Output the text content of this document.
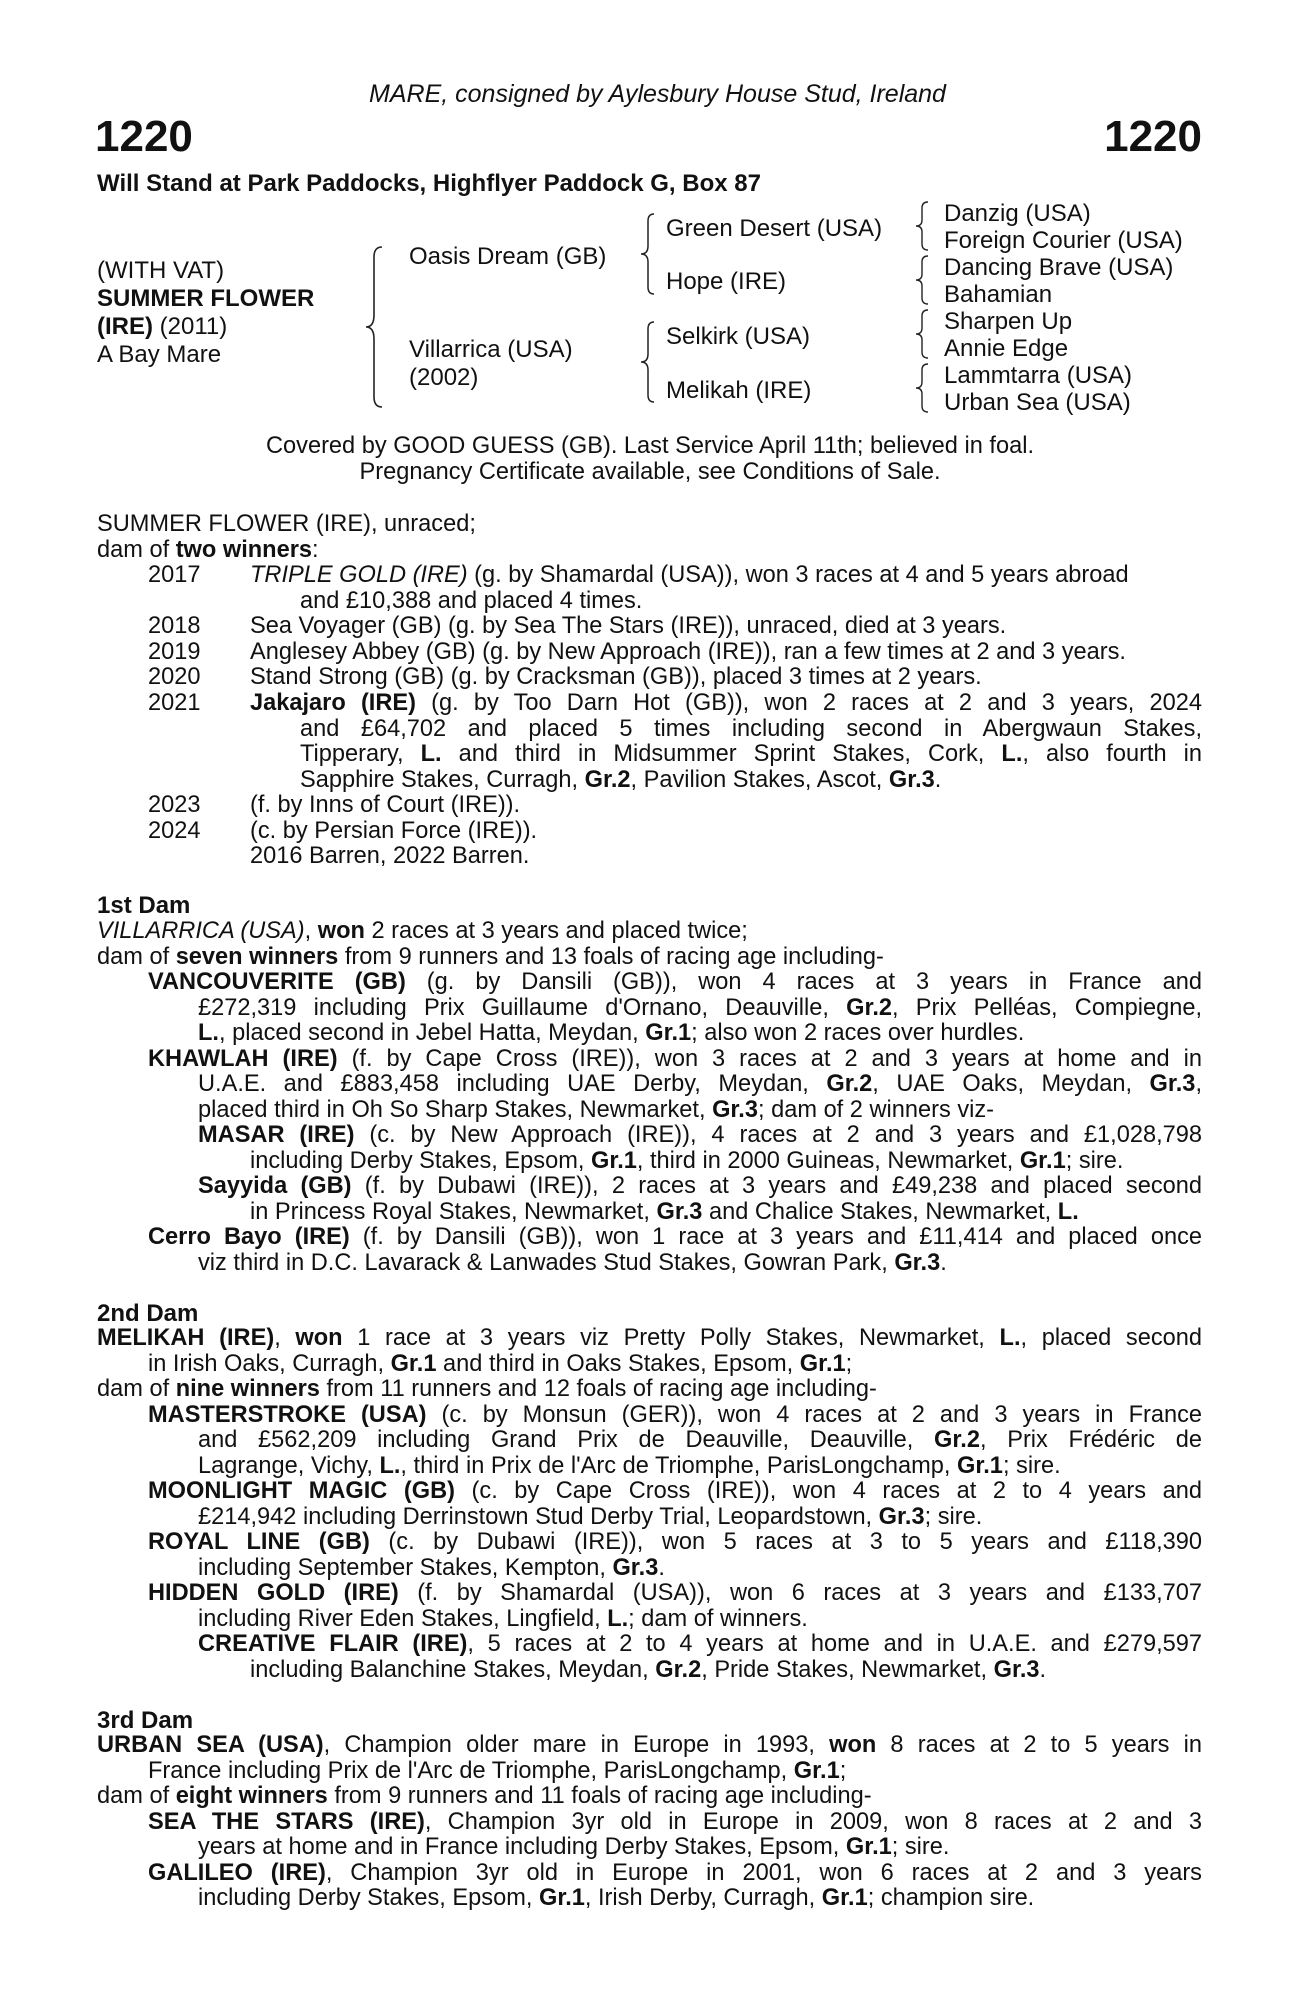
MARE, consigned by Aylesbury House Stud, Ireland
1220	1220
Will Stand at Park Paddocks, Highflyer Paddock G, Box 87
(WITH VAT)
SUMMER FLOWER
(IRE) (2011)
A Bay Mare
Oasis Dream (GB)
Villarrica (USA)
(2002)
Green Desert (USA)
Hope (IRE)
Selkirk (USA)
Melikah (IRE)
Danzig (USA)
Foreign Courier (USA)
Dancing Brave (USA)
Bahamian
Sharpen Up
Annie Edge
Lammtarra (USA)
Urban Sea (USA)
Covered by GOOD GUESS (GB). Last Service April 11th; believed in foal.
Pregnancy Certificate available, see Conditions of Sale.
SUMMER FLOWER (IRE), unraced;
dam of two winners:
2017 TRIPLE GOLD (IRE) (g. by Shamardal (USA)), won 3 races at 4 and 5 years abroad
and £10,388 and placed 4 times.
2018 Sea Voyager (GB) (g. by Sea The Stars (IRE)), unraced, died at 3 years.
2019 Anglesey Abbey (GB) (g. by New Approach (IRE)), ran a few times at 2 and 3 years.
2020 Stand Strong (GB) (g. by Cracksman (GB)), placed 3 times at 2 years.
2021 Jakajaro (IRE) (g. by Too Darn Hot (GB)), won 2 races at 2 and 3 years, 2024
and £64,702 and placed 5 times including second in Abergwaun Stakes,
Tipperary, L. and third in Midsummer Sprint Stakes, Cork, L., also fourth in
Sapphire Stakes, Curragh, Gr.2, Pavilion Stakes, Ascot, Gr.3.
2023 (f. by Inns of Court (IRE)).
2024 (c. by Persian Force (IRE)).
2016 Barren, 2022 Barren.
1st Dam
VILLARRICA (USA), won 2 races at 3 years and placed twice;
dam of seven winners from 9 runners and 13 foals of racing age including-
VANCOUVERITE (GB) (g. by Dansili (GB)), won 4 races at 3 years in France and
£272,319 including Prix Guillaume d'Ornano, Deauville, Gr.2, Prix Pelléas, Compiegne,
L., placed second in Jebel Hatta, Meydan, Gr.1; also won 2 races over hurdles.
KHAWLAH (IRE) (f. by Cape Cross (IRE)), won 3 races at 2 and 3 years at home and in
U.A.E. and £883,458 including UAE Derby, Meydan, Gr.2, UAE Oaks, Meydan, Gr.3,
placed third in Oh So Sharp Stakes, Newmarket, Gr.3; dam of 2 winners viz-
MASAR (IRE) (c. by New Approach (IRE)), 4 races at 2 and 3 years and £1,028,798
including Derby Stakes, Epsom, Gr.1, third in 2000 Guineas, Newmarket, Gr.1; sire.
Sayyida (GB) (f. by Dubawi (IRE)), 2 races at 3 years and £49,238 and placed second
in Princess Royal Stakes, Newmarket, Gr.3 and Chalice Stakes, Newmarket, L.
Cerro Bayo (IRE) (f. by Dansili (GB)), won 1 race at 3 years and £11,414 and placed once
viz third in D.C. Lavarack & Lanwades Stud Stakes, Gowran Park, Gr.3.
2nd Dam
MELIKAH (IRE), won 1 race at 3 years viz Pretty Polly Stakes, Newmarket, L., placed second
in Irish Oaks, Curragh, Gr.1 and third in Oaks Stakes, Epsom, Gr.1;
dam of nine winners from 11 runners and 12 foals of racing age including-
MASTERSTROKE (USA) (c. by Monsun (GER)), won 4 races at 2 and 3 years in France
and £562,209 including Grand Prix de Deauville, Deauville, Gr.2, Prix Frédéric de
Lagrange, Vichy, L., third in Prix de l'Arc de Triomphe, ParisLongchamp, Gr.1; sire.
MOONLIGHT MAGIC (GB) (c. by Cape Cross (IRE)), won 4 races at 2 to 4 years and
£214,942 including Derrinstown Stud Derby Trial, Leopardstown, Gr.3; sire.
ROYAL LINE (GB) (c. by Dubawi (IRE)), won 5 races at 3 to 5 years and £118,390
including September Stakes, Kempton, Gr.3.
HIDDEN GOLD (IRE) (f. by Shamardal (USA)), won 6 races at 3 years and £133,707
including River Eden Stakes, Lingfield, L.; dam of winners.
CREATIVE FLAIR (IRE), 5 races at 2 to 4 years at home and in U.A.E. and £279,597
including Balanchine Stakes, Meydan, Gr.2, Pride Stakes, Newmarket, Gr.3.
3rd Dam
URBAN SEA (USA), Champion older mare in Europe in 1993, won 8 races at 2 to 5 years in
France including Prix de l'Arc de Triomphe, ParisLongchamp, Gr.1;
dam of eight winners from 9 runners and 11 foals of racing age including-
SEA THE STARS (IRE), Champion 3yr old in Europe in 2009, won 8 races at 2 and 3
years at home and in France including Derby Stakes, Epsom, Gr.1; sire.
GALILEO (IRE), Champion 3yr old in Europe in 2001, won 6 races at 2 and 3 years
including Derby Stakes, Epsom, Gr.1, Irish Derby, Curragh, Gr.1; champion sire.
